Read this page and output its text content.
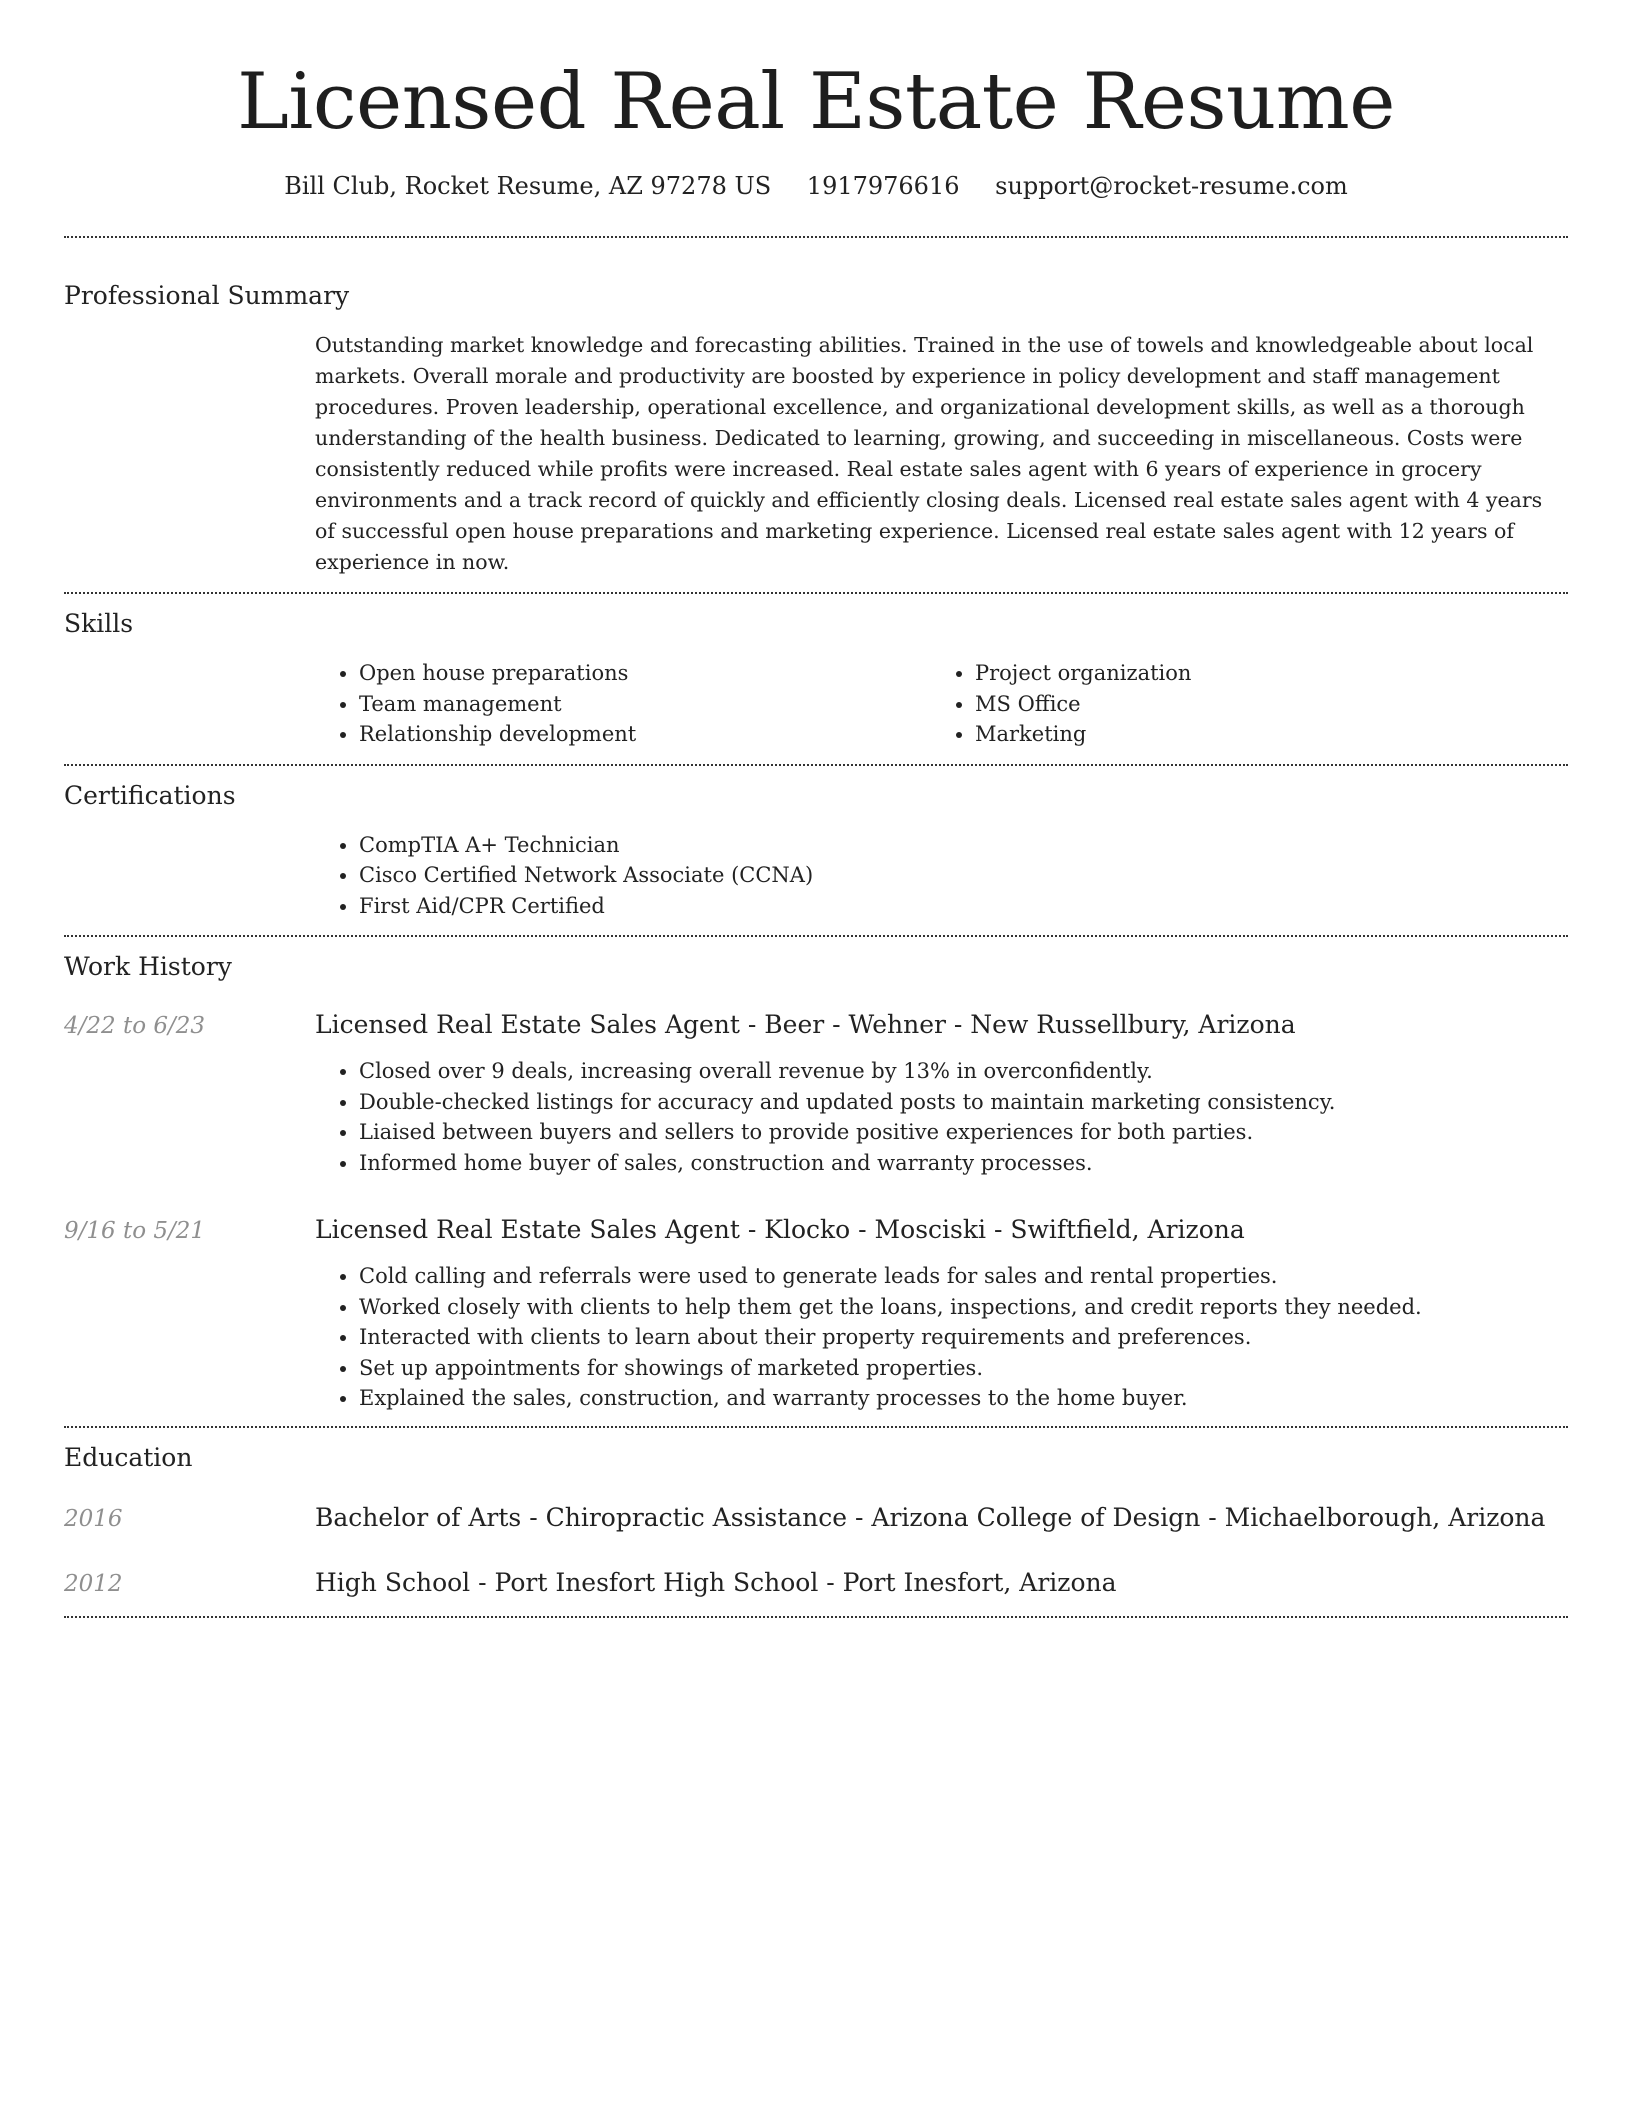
Licensed Real Estate Resume
Bill Club, Rocket Resume, AZ 97278 US 1917976616 support@rocket-resume.com
Professional Summary

Outstanding market knowledge and forecasting abilities. Trained in the use of towels and knowledgeable about local markets. Overall morale and productivity are boosted by experience in policy development and staff management procedures. Proven leadership, operational excellence, and organizational development skills, as well as a thorough understanding of the health business. Dedicated to learning, growing, and succeeding in miscellaneous. Costs were consistently reduced while profits were increased. Real estate sales agent with 6 years of experience in grocery environments and a track record of quickly and efficiently closing deals. Licensed real estate sales agent with 4 years of successful open house preparations and marketing experience. Licensed real estate sales agent with 12 years of experience in now.

Skills
• Open house preparations
• Team management
• Relationship development
• Project organization
• MS Office
• Marketing
Certifications
• CompTIA A+ Technician
• Cisco Certified Network Associate (CCNA)
• First Aid/CPR Certified
Work History
4/22 to 6/23	Licensed Real Estate Sales Agent - Beer - Wehner - New Russellbury, Arizona
• Closed over 9 deals, increasing overall revenue by 13% in overconfidently.
• Double-checked listings for accuracy and updated posts to maintain marketing consistency.
• Liaised between buyers and sellers to provide positive experiences for both parties.
• Informed home buyer of sales, construction and warranty processes.
9/16 to 5/21	Licensed Real Estate Sales Agent - Klocko - Mosciski - Swiftfield, Arizona
• Cold calling and referrals were used to generate leads for sales and rental properties.
• Worked closely with clients to help them get the loans, inspections, and credit reports they needed.
• Interacted with clients to learn about their property requirements and preferences.
• Set up appointments for showings of marketed properties.
• Explained the sales, construction, and warranty processes to the home buyer.
Education
2016	Bachelor of Arts - Chiropractic Assistance - Arizona College of Design - Michaelborough, Arizona
2012	High School - Port Inesfort High School - Port Inesfort, Arizona
